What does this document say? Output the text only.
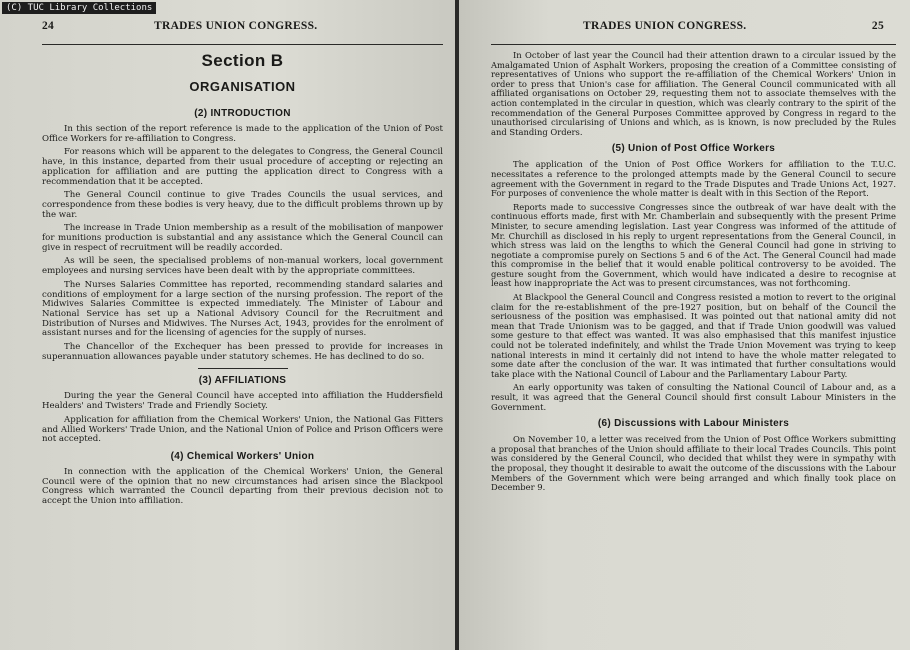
(C) TUC Library Collections
24	TRADES UNION CONGRESS.
Section B
ORGANISATION
(2) INTRODUCTION

In this section of the report reference is made to the application of the Union of Post Office Workers for re-affiliation to Congress.

For reasons which will be apparent to the delegates to Congress, the General Council have, in this instance, departed from their usual procedure of accepting or rejecting an application for affiliation and are putting the application direct to Congress with a recommendation that it be accepted.

The General Council continue to give Trades Councils the usual services, and correspondence from these bodies is very heavy, due to the difficult problems thrown up by the war.

The increase in Trade Union membership as a result of the mobilisation of manpower for munitions production is substantial and any assistance which the General Council can give in respect of recruitment will be readily accorded.

As will be seen, the specialised problems of non-manual workers, local government employees and nursing services have been dealt with by the appropriate committees.

The Nurses Salaries Committee has reported, recommending standard salaries and conditions of employment for a large section of the nursing profession. The report of the Midwives Salaries Committee is expected immediately. The Minister of Labour and National Service has set up a National Advisory Council for the Recruitment and Distribution of Nurses and Midwives. The Nurses Act, 1943, provides for the enrolment of assistant nurses and for the licensing of agencies for the supply of nurses.

The Chancellor of the Exchequer has been pressed to provide for increases in superannuation allowances payable under statutory schemes. He has declined to do so.

(3) AFFILIATIONS

During the year the General Council have accepted into affiliation the Huddersfield Healders' and Twisters' Trade and Friendly Society.

Application for affiliation from the Chemical Workers' Union, the National Gas Fitters and Allied Workers' Trade Union, and the National Union of Police and Prison Officers were not accepted.

(4) Chemical Workers' Union

In connection with the application of the Chemical Workers' Union, the General Council were of the opinion that no new circumstances had arisen since the Blackpool Congress which warranted the Council departing from their previous decision not to accept the Union into affiliation.

TRADES UNION CONGRESS.	25

In October of last year the Council had their attention drawn to a circular issued by the Amalgamated Union of Asphalt Workers, proposing the creation of a Committee consisting of representatives of Unions who support the re-affiliation of the Chemical Workers' Union in order to press that Union's case for affiliation. The General Council communicated with all affiliated organisations on October 29, requesting them not to associate themselves with the action contemplated in the circular in question, which was clearly contrary to the spirit of the recommendation of the General Purposes Committee approved by Congress in regard to the unauthorised circularising of Unions and which, as is known, is now precluded by the Rules and Standing Orders.

(5) Union of Post Office Workers

The application of the Union of Post Office Workers for affiliation to the T.U.C. necessitates a reference to the prolonged attempts made by the General Council to secure agreement with the Government in regard to the Trade Disputes and Trade Unions Act, 1927. For purposes of convenience the whole matter is dealt with in this Section of the Report.

Reports made to successive Congresses since the outbreak of war have dealt with the continuous efforts made, first with Mr. Chamberlain and subsequently with the present Prime Minister, to secure amending legislation. Last year Congress was informed of the attitude of Mr. Churchill as disclosed in his reply to urgent representations from the General Council, in which stress was laid on the lengths to which the General Council had gone in striving to negotiate a compromise purely on Sections 5 and 6 of the Act. The General Council had made this compromise in the belief that it would enable political controversy to be avoided. The gesture sought from the Government, which would have indicated a desire to recognise at least how inappropriate the Act was to present circumstances, was not forthcoming.

At Blackpool the General Council and Congress resisted a motion to revert to the original claim for the re-establishment of the pre-1927 position, but on behalf of the Council the seriousness of the position was emphasised. It was pointed out that national amity did not mean that Trade Unionism was to be gagged, and that if Trade Union goodwill was valued some gesture to that effect was wanted. It was also emphasised that this manifest injustice could not be tolerated indefinitely, and whilst the Trade Union Movement was trying to keep national interests in mind it certainly did not intend to have the whole matter relegated to some date after the conclusion of the war. It was intimated that further consultations would take place with the National Council of Labour and the Parliamentary Labour Party.

An early opportunity was taken of consulting the National Council of Labour and, as a result, it was agreed that the General Council should first consult Labour Ministers in the Government.

(6) Discussions with Labour Ministers

On November 10, a letter was received from the Union of Post Office Workers submitting a proposal that branches of the Union should affiliate to their local Trades Councils. This point was considered by the General Council, who decided that whilst they were in sympathy with the proposal, they thought it desirable to await the outcome of the discussions with the Labour Members of the Government which were being arranged and which finally took place on December 9.
